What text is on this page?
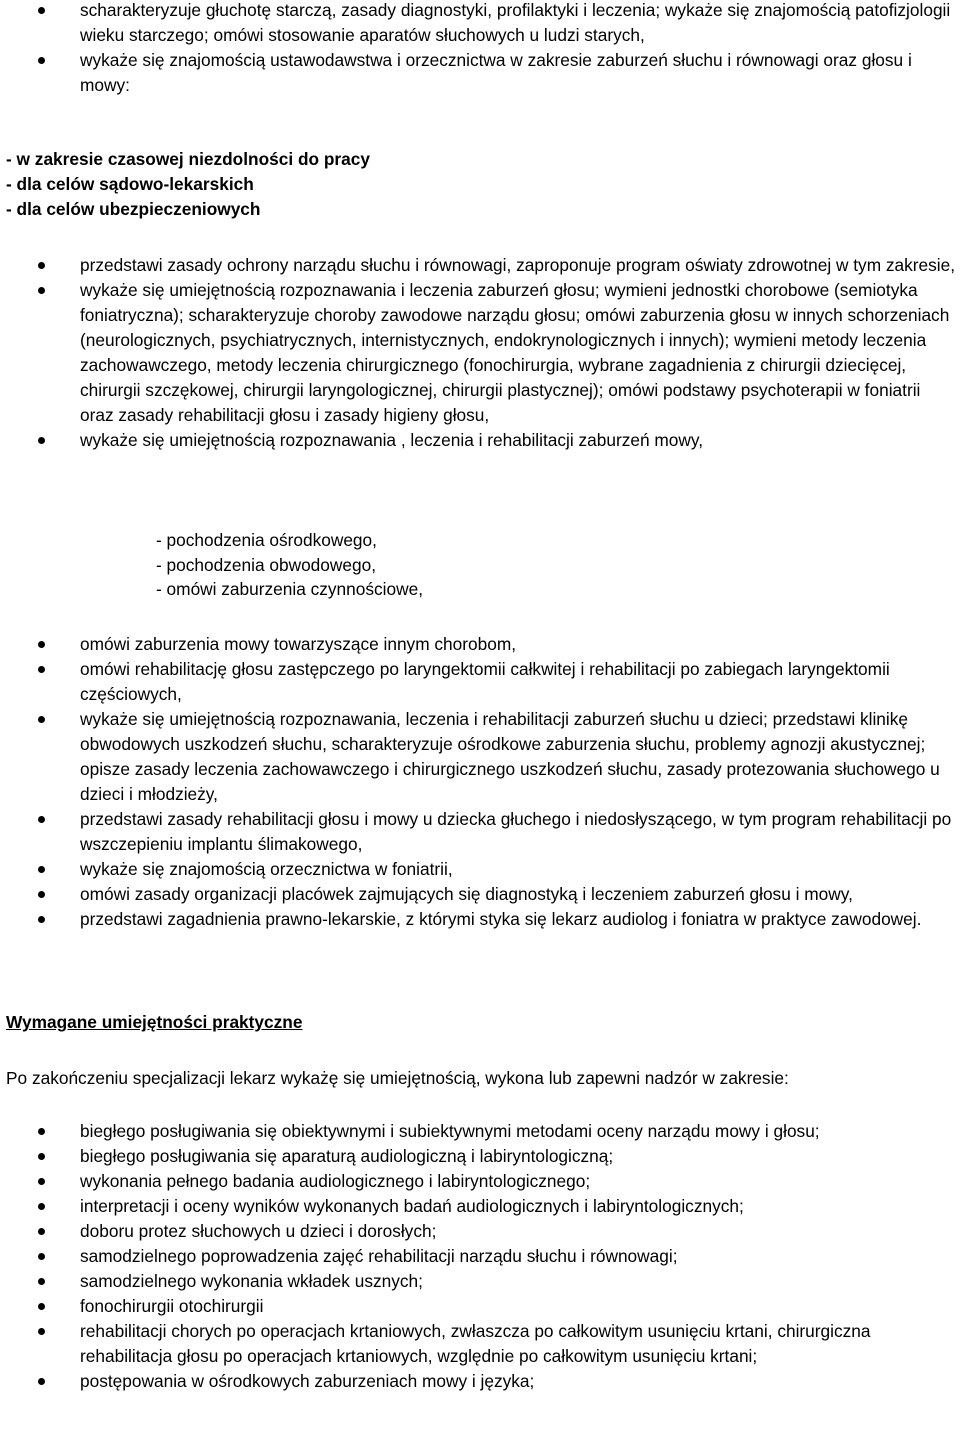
scharakteryzuje głuchotę starczą, zasady diagnostyki, profilaktyki i leczenia; wykaże się znajomością patofizjologii wieku starczego; omówi stosowanie aparatów słuchowych u ludzi starych,
wykaże się znajomością ustawodawstwa i orzecznictwa w zakresie zaburzeń słuchu i równowagi oraz głosu i mowy:
- w zakresie czasowej niezdolności do pracy
- dla celów sądowo-lekarskich
- dla celów ubezpieczeniowych
przedstawi zasady ochrony narządu słuchu i równowagi, zaproponuje program oświaty zdrowotnej w tym zakresie,
wykaże się umiejętnością rozpoznawania i leczenia zaburzeń głosu; wymieni jednostki chorobowe (semiotyka foniatryczna); scharakteryzuje choroby zawodowe narządu głosu; omówi zaburzenia głosu w innych schorzeniach (neurologicznych, psychiatrycznych, internistycznych, endokrynologicznych i innych); wymieni metody leczenia zachowawczego, metody leczenia chirurgicznego (fonochirurgia, wybrane zagadnienia z chirurgii dziecięcej, chirurgii szczękowej, chirurgii laryngologicznej, chirurgii plastycznej); omówi podstawy psychoterapii w foniatrii oraz zasady rehabilitacji głosu i zasady higieny głosu,
wykaże się umiejętnością rozpoznawania , leczenia i rehabilitacji zaburzeń mowy,
- pochodzenia ośrodkowego,
- pochodzenia obwodowego,
- omówi zaburzenia czynnościowe,
omówi zaburzenia mowy towarzyszące innym chorobom,
omówi rehabilitację głosu zastępczego po laryngektomii całkwitej i rehabilitacji po zabiegach laryngektomii częściowych,
wykaże się umiejętnością rozpoznawania, leczenia i rehabilitacji zaburzeń słuchu u dzieci; przedstawi klinikę obwodowych uszkodzeń słuchu, scharakteryzuje ośrodkowe zaburzenia słuchu, problemy agnozji akustycznej; opisze zasady leczenia zachowawczego i chirurgicznego uszkodzeń słuchu, zasady protezowania słuchowego u dzieci i młodzieży,
przedstawi zasady rehabilitacji głosu i mowy u dziecka głuchego i niedosłyszącego, w tym program rehabilitacji po wszczepieniu implantu ślimakowego,
wykaże się znajomością orzecznictwa w foniatrii,
omówi zasady organizacji placówek zajmujących się diagnostyką i leczeniem zaburzeń głosu i mowy,
przedstawi zagadnienia prawno-lekarskie, z którymi styka się lekarz audiolog i foniatra w praktyce zawodowej.
Wymagane umiejętności praktyczne
Po zakończeniu specjalizacji lekarz wykażę się umiejętnością, wykona lub zapewni nadzór w zakresie:
biegłego posługiwania się obiektywnymi i subiektywnymi metodami oceny narządu mowy i głosu;
biegłego posługiwania się aparaturą audiologiczną i labiryntologiczną;
wykonania pełnego badania audiologicznego i labiryntologicznego;
interpretacji i oceny wyników wykonanych badań audiologicznych i labiryntologicznych;
doboru protez słuchowych u dzieci i dorosłych;
samodzielnego poprowadzenia zajęć rehabilitacji narządu słuchu i równowagi;
samodzielnego wykonania wkładek usznych;
fonochirurgii otochirurgii
rehabilitacji chorych po operacjach krtaniowych, zwłaszcza po całkowitym usunięciu krtani, chirurgiczna rehabilitacja głosu po operacjach krtaniowych, względnie po całkowitym usunięciu krtani;
postępowania w ośrodkowych zaburzeniach mowy i języka;
